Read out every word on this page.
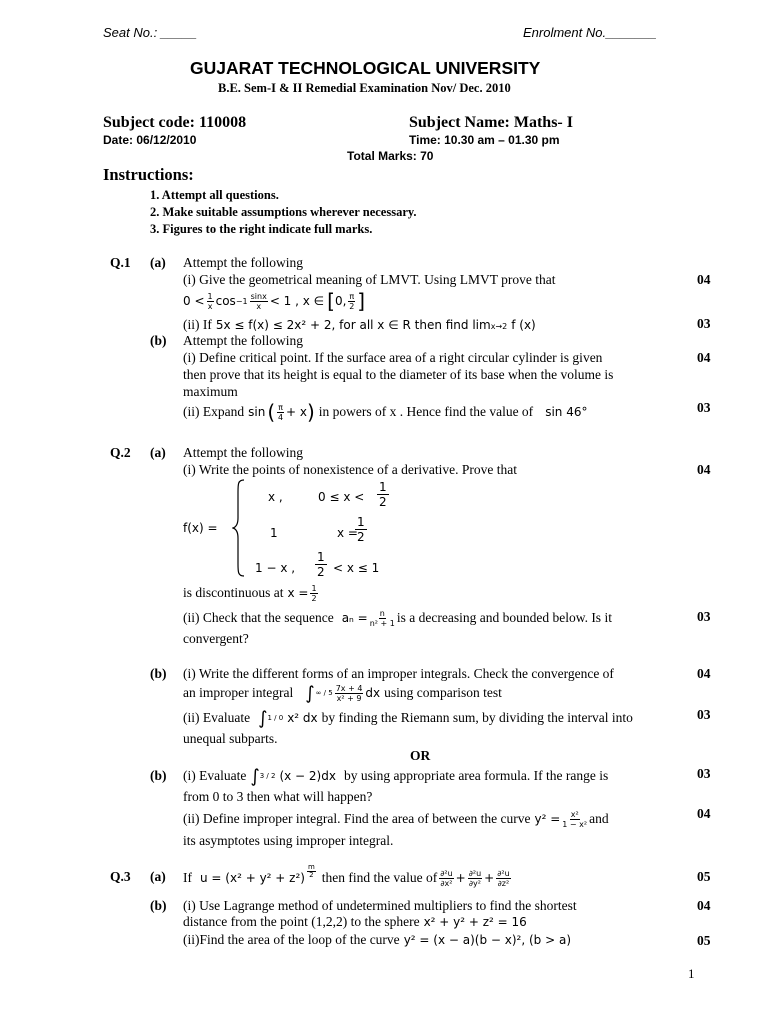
Seat No.: _____	Enrolment No._______
GUJARAT TECHNOLOGICAL UNIVERSITY
B.E. Sem-I & II Remedial Examination Nov/ Dec. 2010
Subject code: 110008	Subject Name: Maths- I
Date: 06/12/2010	Time: 10.30 am – 01.30 pm
Total Marks: 70
Instructions:
1. Attempt all questions.
2. Make suitable assumptions wherever necessary.
3. Figures to the right indicate full marks.
Q.1 (a) Attempt the following
(i) Give the geometrical meaning of LMVT. Using LMVT prove that	04
$0 < \frac{1}{x}$ $\cos -1 \frac{\sin x}{x} < 1$ , x ∈ [ 0, $\frac{\pi}{2}$ ]
(ii) If
5x ≤ f(x) ≤ 2x² + 2, for all x ∈ R then find lim x→2
f (x)	03
(b) Attempt the following
(i) Define critical point. If the surface area of a right circular cylinder is given	04
then prove that its height is equal to the diameter of its base when the volume is
maximum
(ii) Expand
sin ( $\frac{\pi}{4} + x$ )
in powers of x . Hence find the value of
sin 46°	03
Q.2 (a) Attempt the following
(i) Write the points of nonexistence of a derivative. Prove that	04
f(x) =
x ,	$0 \le x < \frac{1}{2}$
1	x =
$\frac{1}{2}$
1 − x , $\frac{1}{2} < x \le 1$
is discontinuous at
$x = \frac{1}{2}$
(ii) Check that the sequence
$a_n = \frac{n}{\text{n² + 1}}$ is a decreasing and bounded below. Is it	03
convergent?
(b) (i) Write the different forms of an improper integrals. Check the convergence of	04
an improper integral
∫ ∞ / $5 \frac{7x + 4}{\text{x² + 9}}$ dx
using comparison test
(ii) Evaluate
∫ 1 / 0
x² dx
by finding the Riemann sum, by dividing the interval into	03
unequal subparts.
OR
(b) (i) Evaluate
∫ 3 / 2
(x − 2)dx
by using appropriate area formula. If the range is	03
from 0 to 3 then what will happen?
(ii) Define improper integral. Find the area of between the curve
$y^2 = \frac{\text{x²}}{\text{1 − x²}}$ and	04
its asymptotes using improper integral.
Q.3 (a) If
$u = (x^2 + y^2 + z^2) \frac{m}{2}$
then find the value of $\frac{\text{∂²u}}{\text{∂x²}} + \frac{\text{∂²u}}{\text{∂y²}} + \frac{\text{∂²u}}{\text{∂z²}}$	05
(b) (i) Use Lagrange method of undetermined multipliers to find the shortest	04
distance from the point (1,2,2) to the sphere
x² + y² + z² = 16
(ii)Find the area of the loop of the curve
y² = (x − a)(b − x)², (b > a)	05
1
